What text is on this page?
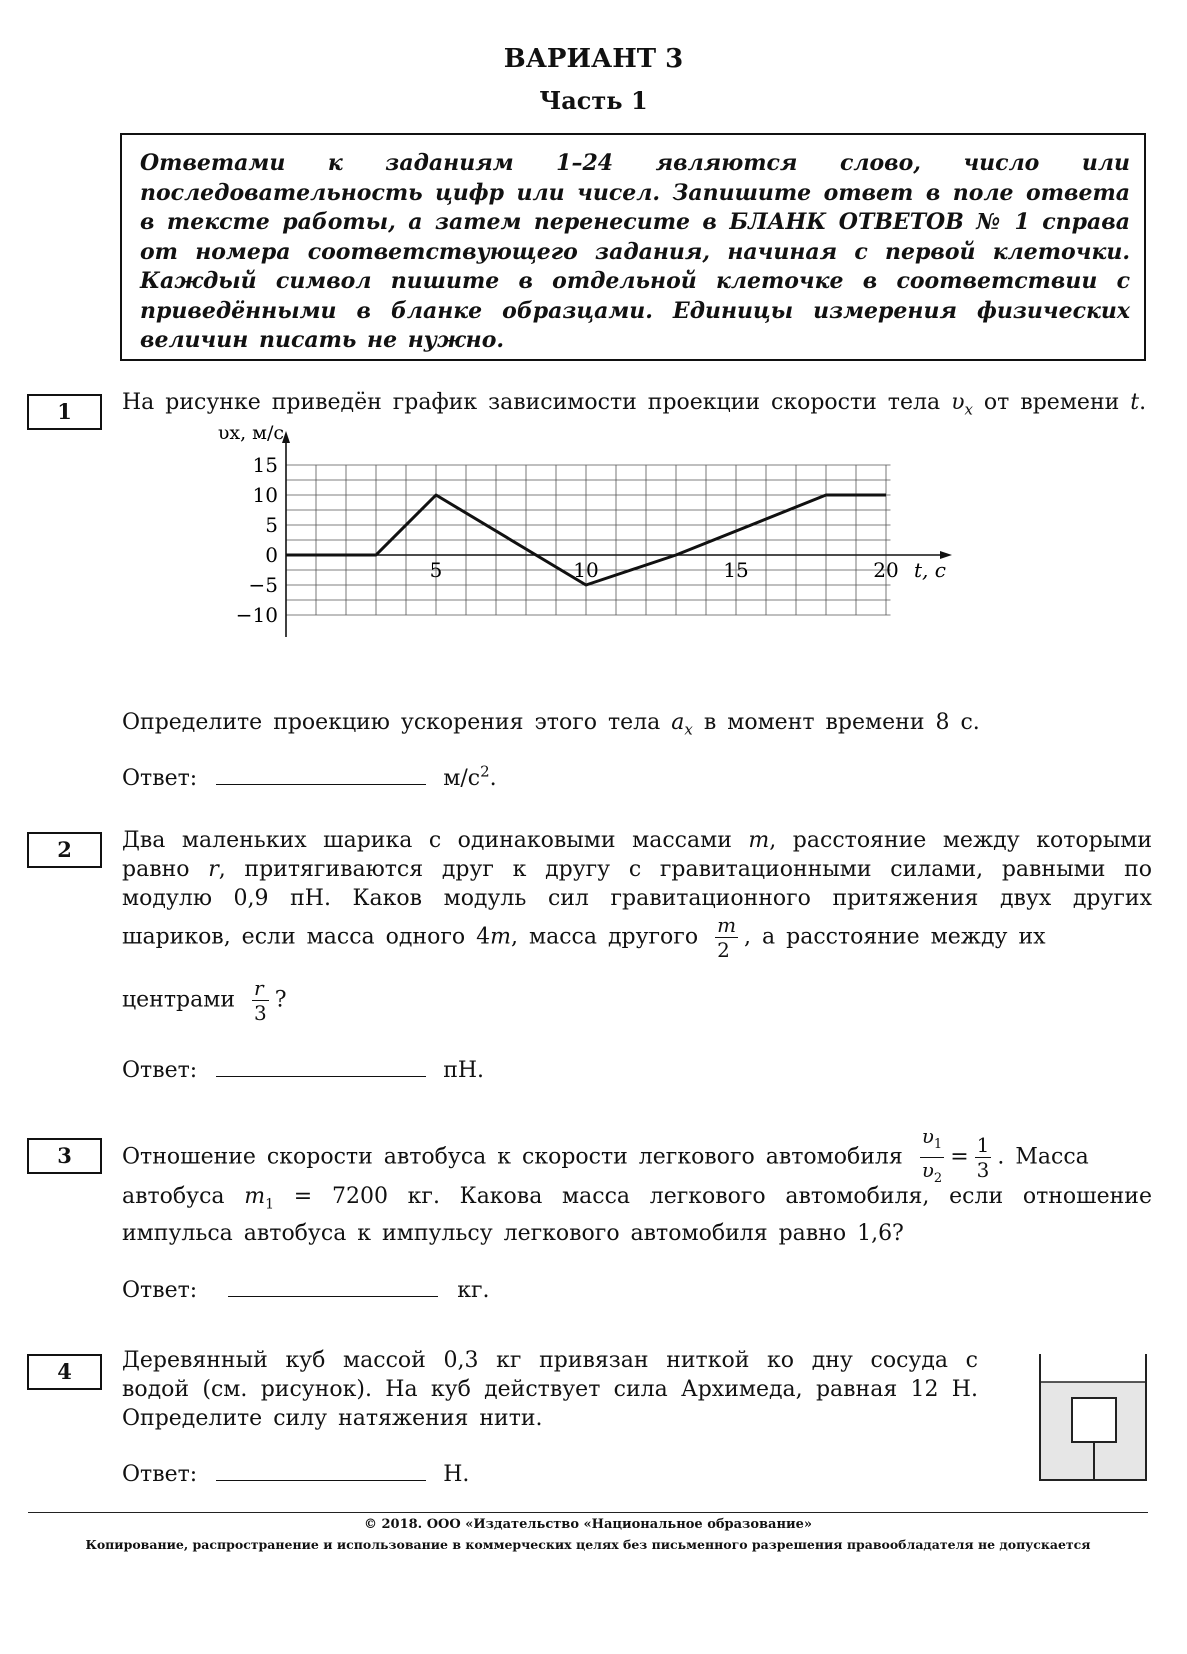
ВАРИАНТ 3
Часть 1
Ответами к заданиям 1–24 являются слово, число или последовательность цифр или чисел. Запишите ответ в поле ответа в тексте работы, а затем перенесите в БЛАНК ОТВЕТОВ № 1 справа от номера соответствующего задания, начиная с первой клеточки. Каждый символ пишите в отдельной клеточке в соответствии с приведёнными в бланке образцами. Единицы измерения физических величин писать не нужно.
1	На рисунке приведён график зависимости проекции скорости тела $\upsilon_x$ от времени t.
15
10
5
0
−5
−10
5	10	15	20 t, c
υx, м/с
Определите проекцию ускорения этого тела $a_x$ в момент времени 8 с.
Ответ:	$м/с^2$.
2	Два маленьких шарика с одинаковыми массами m, расстояние между которыми равно r, притягиваются друг к другу с гравитационными силами, равными по модулю 0,9 пН. Каков модуль сил гравитационного притяжения двух других шариков, если масса одного 4m, масса другого $\frac{m}{2}$ , а расстояние между их
центрами $\frac{r}{3}$ ?
Ответ:	пН.
3	Отношение скорости автобуса к скорости легкового автомобиля $\frac{\upsilon_1}{\upsilon_2} = \frac{1}{3}$ . Масса
автобуса $m_1 = 7200$ кг. Какова масса легкового автомобиля, если отношение импульса автобуса к импульсу легкового автомобиля равно 1,6?
Ответ:	кг.
4	Деревянный куб массой 0,3 кг привязан ниткой ко дну сосуда с водой (см. рисунок). На куб действует сила Архимеда, равная 12 Н. Определите силу натяжения нити.
Ответ:	Н.
© 2018. ООО «Издательство «Национальное образование»
Копирование, распространение и использование в коммерческих целях без письменного разрешения правообладателя не допускается
